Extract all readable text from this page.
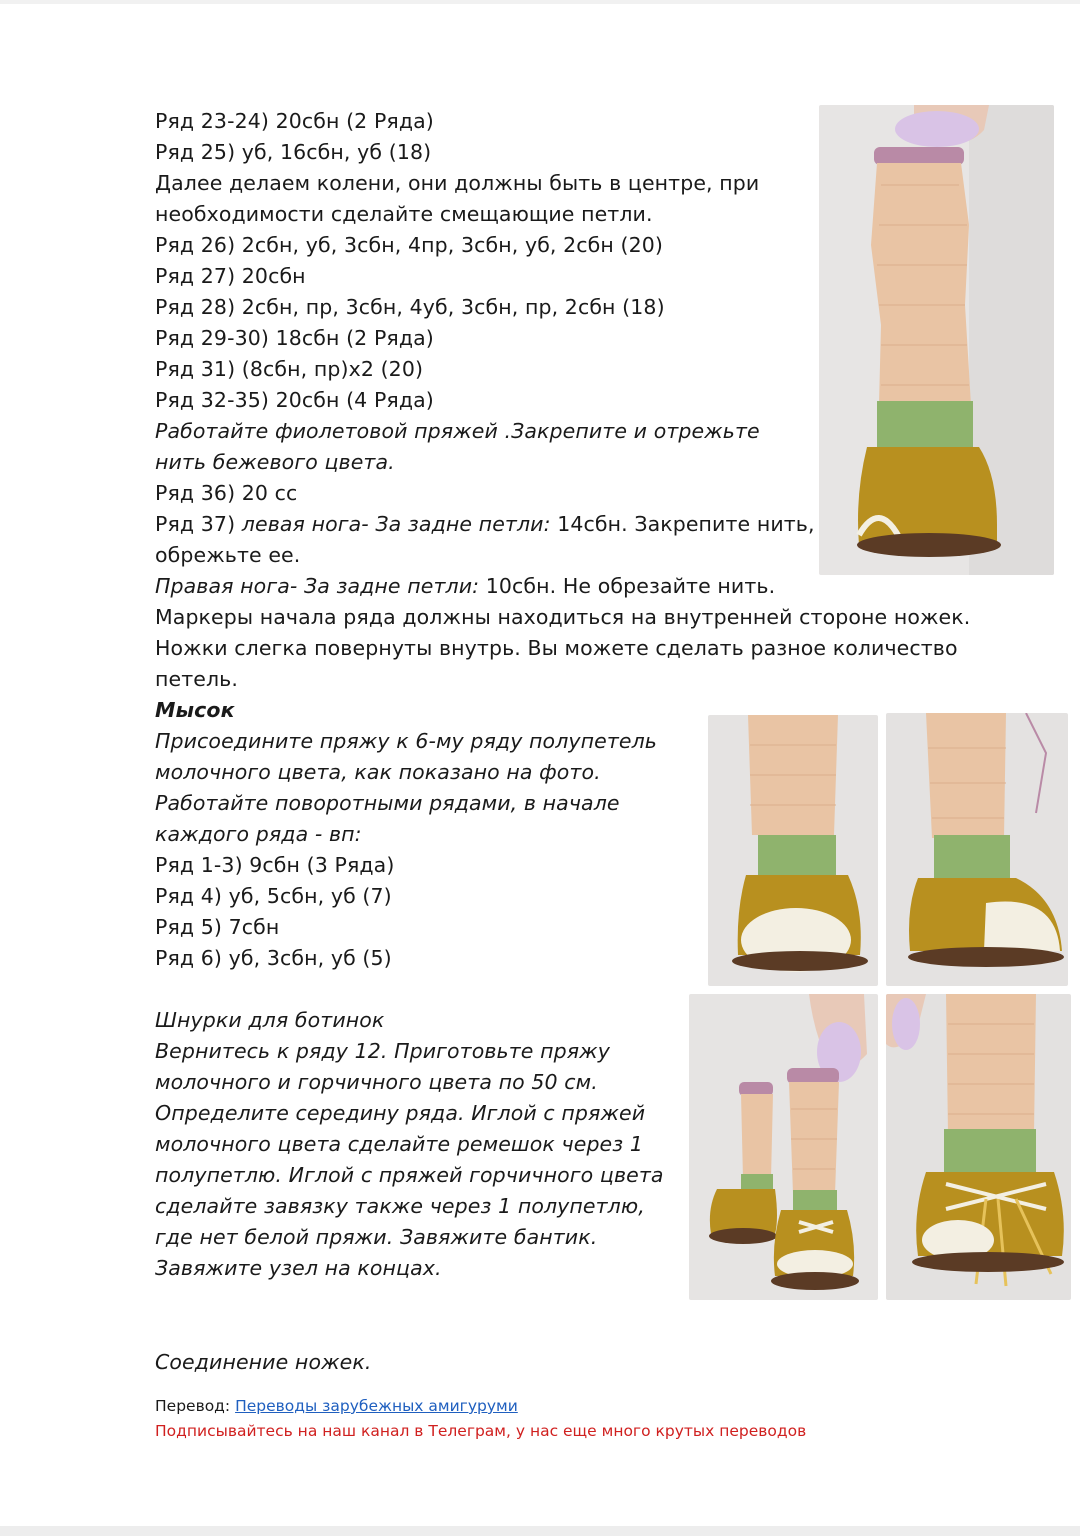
Ряд 23-24) 20сбн (2 Ряда)

Ряд 25) уб, 16сбн, уб (18)

Далее делаем колени, они должны быть в центре, при

необходимости сделайте смещающие петли.

Ряд 26) 2сбн, уб, 3сбн, 4пр, 3сбн, уб, 2сбн (20)

Ряд 27) 20сбн

Ряд 28) 2сбн, пр, 3сбн, 4уб, 3сбн, пр, 2сбн (18)

Ряд 29-30) 18сбн (2 Ряда)

Ряд 31) (8сбн, пр)х2 (20)

Ряд 32-35) 20сбн (4 Ряда)

Работайте фиолетовой пряжей .Закрепите и отрежьте

нить бежевого цвета.

Ряд 36) 20 сс

Ряд 37) левая нога- За задне петли: 14сбн. Закрепите нить,

обрежьте ее.

Правая нога- За задне петли: 10сбн. Не обрезайте нить.

Маркеры начала ряда должны находиться на внутренней стороне ножек.

Ножки слегка повернуты внутрь. Вы можете сделать разное количество

петель.

Мысок

Присоедините пряжу к 6-му ряду полупетель

молочного цвета, как показано на фото.

Работайте поворотными рядами, в начале

каждого ряда - вп:

Ряд 1-3) 9сбн (3 Ряда)

Ряд 4) уб, 5сбн, уб (7)

Ряд 5) 7сбн

Ряд 6) уб, 3сбн, уб (5)

Шнурки для ботинок

Вернитесь к ряду 12. Приготовьте пряжу

молочного и горчичного цвета по 50 см.

Определите середину ряда. Иглой с пряжей

молочного цвета сделайте ремешок через 1

полупетлю. Иглой с пряжей горчичного цвета

сделайте завязку также через 1 полупетлю,

где нет белой пряжи. Завяжите бантик.

Завяжите узел на концах.

Соединение ножек.

Перевод: Переводы зарубежных амигуруми

Подписывайтесь на наш канал в Телеграм, у нас еще много крутых переводов
